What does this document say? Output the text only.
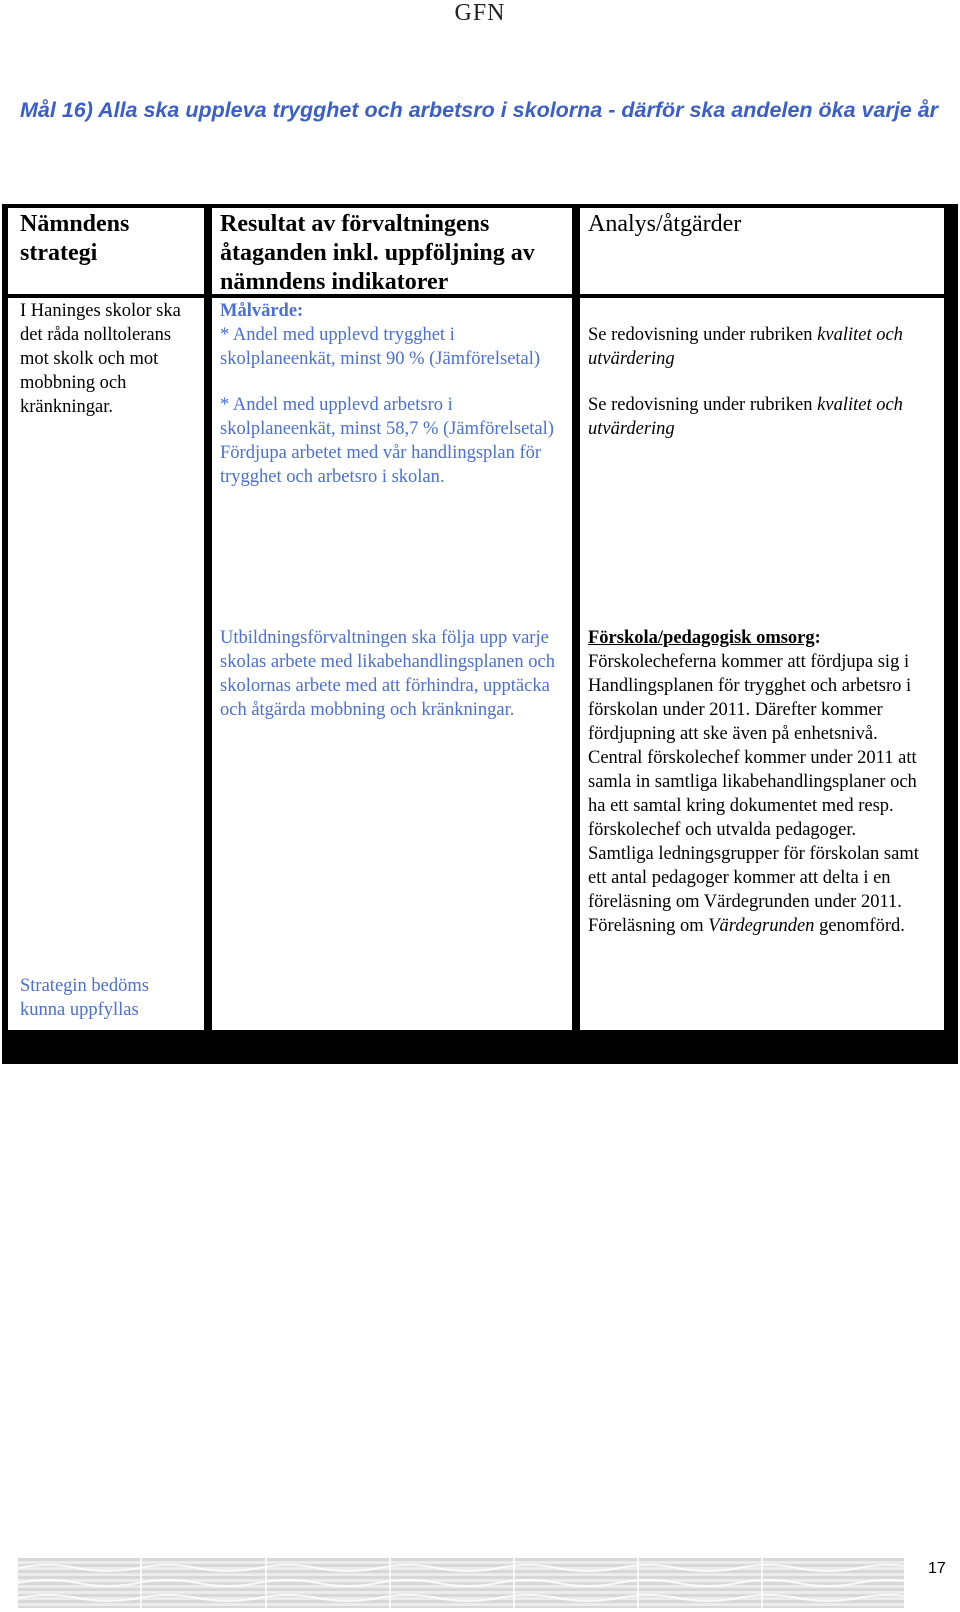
GFN
Mål 16) Alla ska uppleva trygghet och arbetsro i skolorna - därför ska andelen öka varje år
Nämndens strategi
Resultat av förvaltningens åtaganden inkl. uppföljning av nämndens indikatorer
Analys/åtgärder
I Haninges skolor ska det råda nolltolerans mot skolk och mot mobbning och kränkningar.
Målvärde:
* Andel med upplevd trygghet i skolplaneenkät, minst 90 % (Jämförelsetal)
* Andel med upplevd arbetsro i skolplaneenkät, minst 58,7 % (Jämförelsetal)
Fördjupa arbetet med vår handlingsplan för trygghet och arbetsro i skolan.
Se redovisning under rubriken kvalitet och utvärdering
Se redovisning under rubriken kvalitet och utvärdering
Strategin bedöms kunna uppfyllas
Utbildningsförvaltningen ska följa upp varje skolas arbete med likabehandlingsplanen och skolornas arbete med att förhindra, upptäcka och åtgärda mobbning och kränkningar.
Förskola/pedagogisk omsorg:
Förskolecheferna kommer att fördjupa sig i Handlingsplanen för trygghet och arbetsro i förskolan under 2011. Därefter kommer fördjupning att ske även på enhetsnivå.
Central förskolechef kommer under 2011 att samla in samtliga likabehandlingsplaner och ha ett samtal kring dokumentet med resp. förskolechef och utvalda pedagoger.
Samtliga ledningsgrupper för förskolan samt ett antal pedagoger kommer att delta i en föreläsning om Värdegrunden under 2011.
Föreläsning om Värdegrunden genomförd.
17
